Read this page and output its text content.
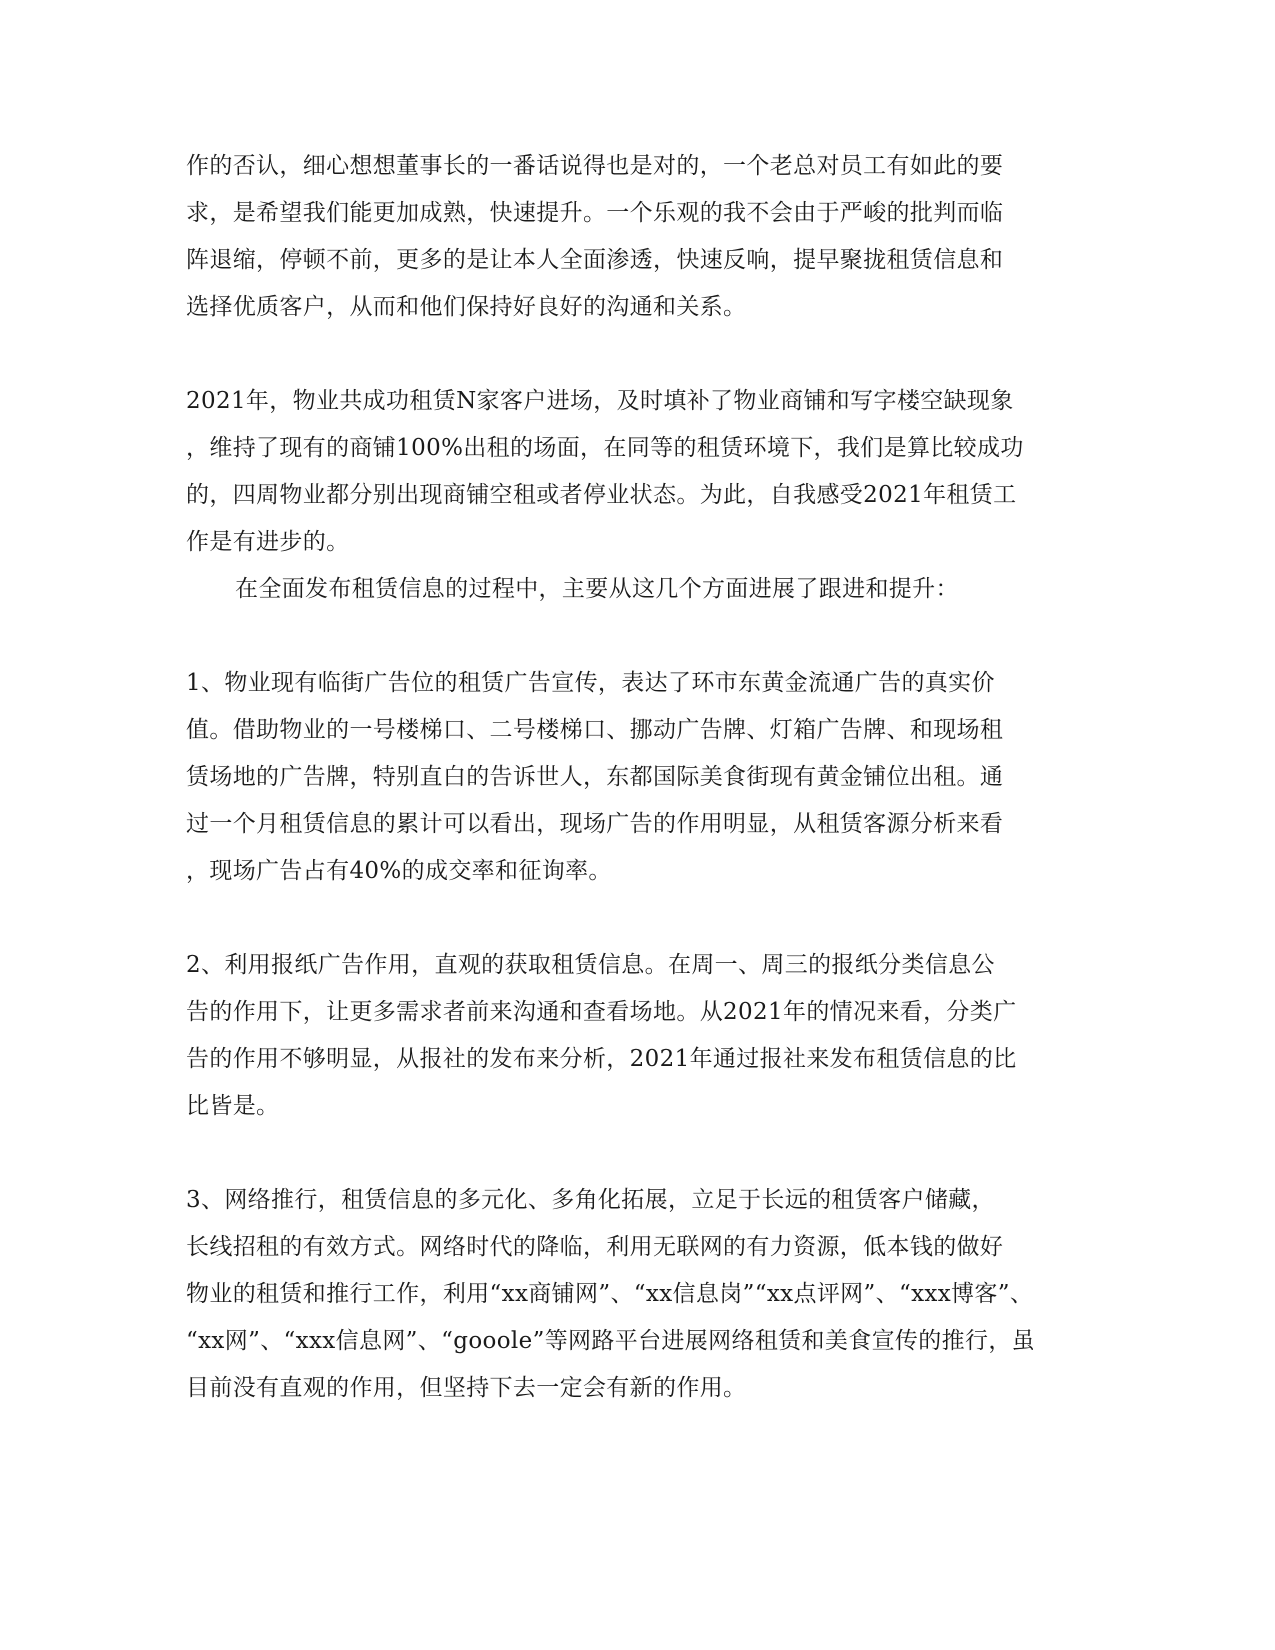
作的否认，细心想想董事长的一番话说得也是对的，一个老总对员工有如此的要
求，是希望我们能更加成熟，快速提升。一个乐观的我不会由于严峻的批判而临
阵退缩，停顿不前，更多的是让本人全面渗透，快速反响，提早聚拢租赁信息和
选择优质客户，从而和他们保持好良好的沟通和关系。
2021年，物业共成功租赁N家客户进场，及时填补了物业商铺和写字楼空缺现象
，维持了现有的商铺100%出租的场面，在同等的租赁环境下，我们是算比较成功
的，四周物业都分别出现商铺空租或者停业状态。为此，自我感受2021年租赁工
作是有进步的。
在全面发布租赁信息的过程中，主要从这几个方面进展了跟进和提升：
1、物业现有临街广告位的租赁广告宣传，表达了环市东黄金流通广告的真实价
值。借助物业的一号楼梯口、二号楼梯口、挪动广告牌、灯箱广告牌、和现场租
赁场地的广告牌，特别直白的告诉世人，东都国际美食街现有黄金铺位出租。通
过一个月租赁信息的累计可以看出，现场广告的作用明显，从租赁客源分析来看
，现场广告占有40%的成交率和征询率。
2、利用报纸广告作用，直观的获取租赁信息。在周一、周三的报纸分类信息公
告的作用下，让更多需求者前来沟通和查看场地。从2021年的情况来看，分类广
告的作用不够明显，从报社的发布来分析，2021年通过报社来发布租赁信息的比
比皆是。
3、网络推行，租赁信息的多元化、多角化拓展，立足于长远的租赁客户储藏，
长线招租的有效方式。网络时代的降临，利用无联网的有力资源，低本钱的做好
物业的租赁和推行工作，利用“xx商铺网”、“xx信息岗”“xx点评网”、“xxx博客”、
“xx网”、“xxx信息网”、“gooole”等网路平台进展网络租赁和美食宣传的推行，虽
目前没有直观的作用，但坚持下去一定会有新的作用。
